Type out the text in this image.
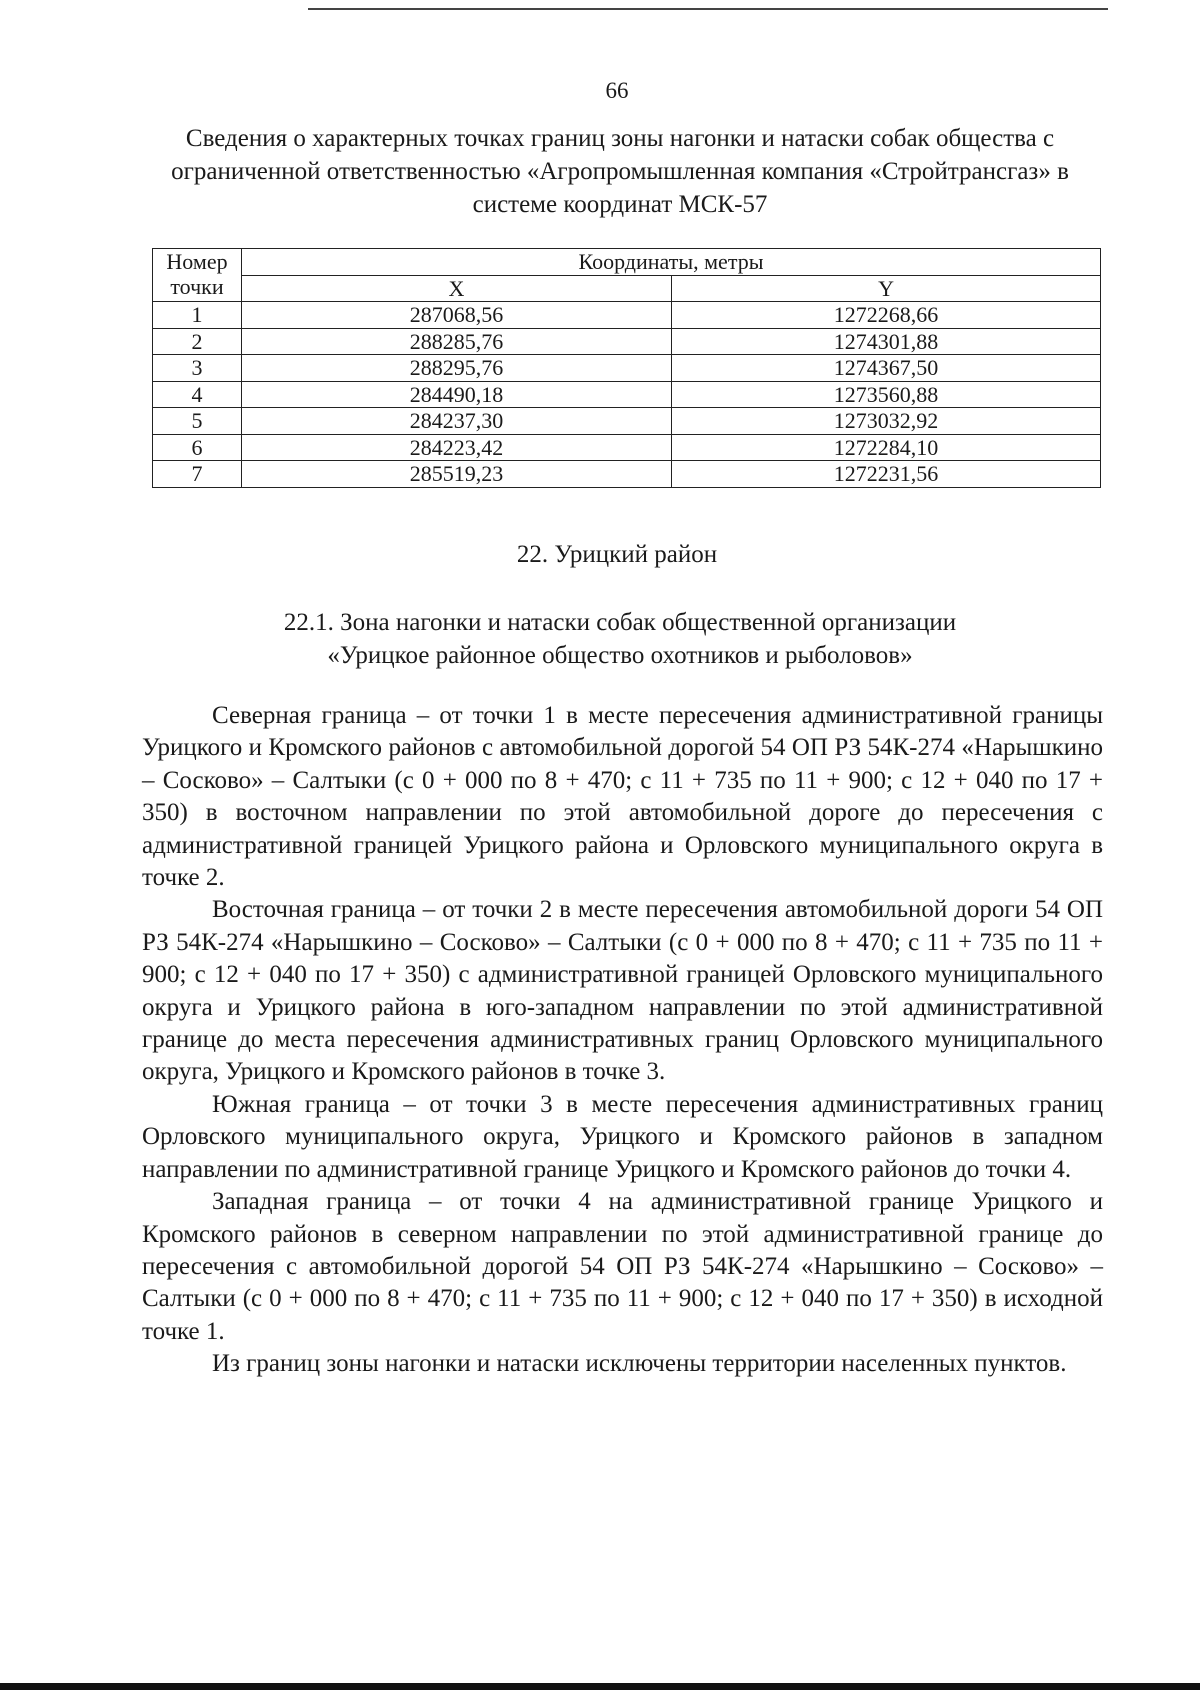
66
Сведения о характерных точках границ зоны нагонки и натаски собак общества с ограниченной ответственностью «Агропромышленная компания «Стройтрансгаз» в системе координат МСК-57
Номер
точки	Координаты, метры	
	X	Y
1	287068,56	1272268,66
2	288285,76	1274301,88
3	288295,76	1274367,50
4	284490,18	1273560,88
5	284237,30	1273032,92
6	284223,42	1272284,10
7	285519,23	1272231,56
22. Урицкий район
22.1. Зона нагонки и натаски собак общественной организации
«Урицкое районное общество охотников и рыболовов»

Северная граница – от точки 1 в месте пересечения административной границы Урицкого и Кромского районов с автомобильной дорогой 54 ОП РЗ 54К-274 «Нарышкино – Сосково» – Салтыки (с 0 + 000 по 8 + 470; с 11 + 735 по 11 + 900; с 12 + 040 по 17 + 350) в восточном направлении по этой автомобильной дороге до пересечения с административной границей Урицкого района и Орловского муниципального округа в точке 2.

Восточная граница – от точки 2 в месте пересечения автомобильной дороги 54 ОП РЗ 54К-274 «Нарышкино – Сосково» – Салтыки (с 0 + 000 по 8 + 470; с 11 + 735 по 11 + 900; с 12 + 040 по 17 + 350) с административной границей Орловского муниципального округа и Урицкого района в юго-западном направлении по этой административной границе до места пересечения административных границ Орловского муниципального округа, Урицкого и Кромского районов в точке 3.

Южная граница – от точки 3 в месте пересечения административных границ Орловского муниципального округа, Урицкого и Кромского районов в западном направлении по административной границе Урицкого и Кромского районов до точки 4.

Западная граница – от точки 4 на административной границе Урицкого и Кромского районов в северном направлении по этой административной границе до пересечения с автомобильной дорогой 54 ОП РЗ 54К-274 «Нарышкино – Сосково» – Салтыки (с 0 + 000 по 8 + 470; с 11 + 735 по 11 + 900; с 12 + 040 по 17 + 350) в исходной точке 1.

Из границ зоны нагонки и натаски исключены территории населенных пунктов.
